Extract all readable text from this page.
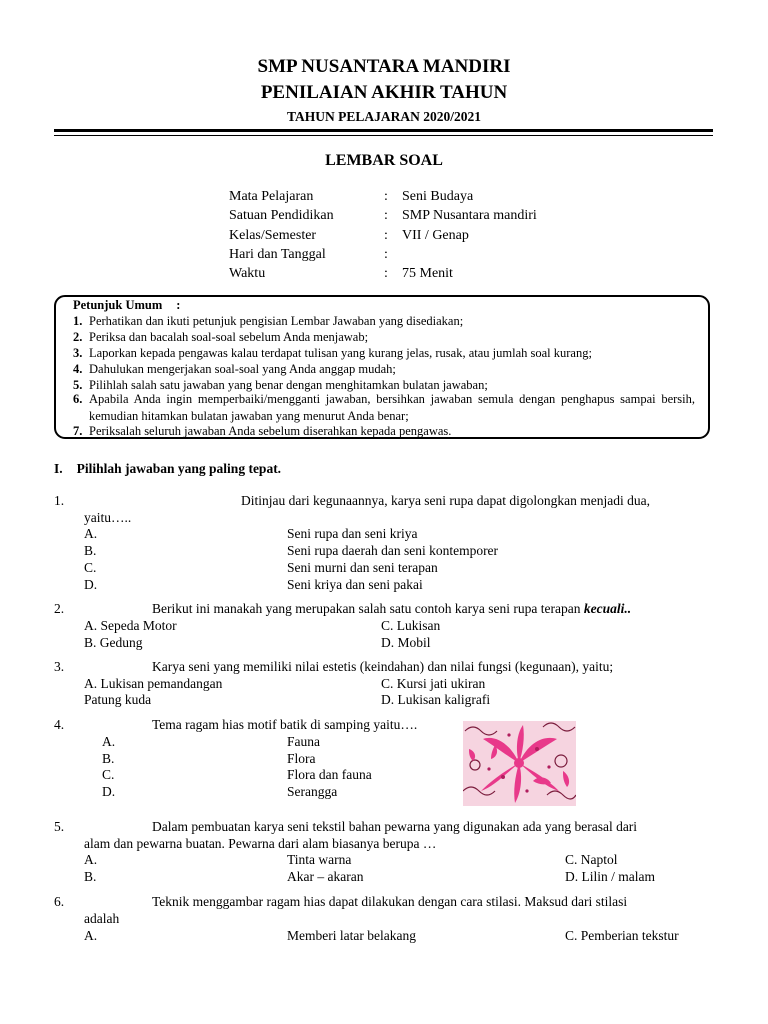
SMP NUSANTARA MANDIRI
PENILAIAN AKHIR TAHUN
TAHUN PELAJARAN 2020/2021
LEMBAR SOAL
Mata Pelajaran	: Seni Budaya
Satuan Pendidikan	: SMP Nusantara mandiri
Kelas/Semester	: VII / Genap
Hari dan Tanggal	:
Waktu	: 75 Menit
Petunjuk Umum :
1. Perhatikan dan ikuti petunjuk pengisian Lembar Jawaban yang disediakan;
2. Periksa dan bacalah soal-soal sebelum Anda menjawab;
3. Laporkan kepada pengawas kalau terdapat tulisan yang kurang jelas, rusak, atau jumlah soal kurang;
4. Dahulukan mengerjakan soal-soal yang Anda anggap mudah;
5. Pilihlah salah satu jawaban yang benar dengan menghitamkan bulatan jawaban;
6. Apabila Anda ingin memperbaiki/mengganti jawaban, bersihkan jawaban semula dengan penghapus sampai bersih, kemudian hitamkan bulatan jawaban yang menurut Anda benar;
7. Periksalah seluruh jawaban Anda sebelum diserahkan kepada pengawas.
I. Pilihlah jawaban yang paling tepat.
1.	Ditinjau dari kegunaannya, karya seni rupa dapat digolongkan menjadi dua,
yaitu…..
A.	Seni rupa dan seni kriya
B.	Seni rupa daerah dan seni kontemporer
C.	Seni murni dan seni terapan
D.	Seni kriya dan seni pakai
2.	Berikut ini manakah yang merupakan salah satu contoh karya seni rupa terapan kecuali..
A. Sepeda Motor	C. Lukisan
B. Gedung	D. Mobil
3.	Karya seni yang memiliki nilai estetis (keindahan) dan nilai fungsi (kegunaan), yaitu;
A. Lukisan pemandangan	C. Kursi jati ukiran
Patung kuda	D. Lukisan kaligrafi
4.	Tema ragam hias motif batik di samping yaitu….
A.	Fauna
B.	Flora
C.	Flora dan fauna
D.	Serangga
5.	Dalam pembuatan karya seni tekstil bahan pewarna yang digunakan ada yang berasal dari
alam dan pewarna buatan. Pewarna dari alam biasanya berupa …
A.	Tinta warna	C. Naptol
B.	Akar – akaran	D. Lilin / malam
6.	Teknik menggambar ragam hias dapat dilakukan dengan cara stilasi. Maksud dari stilasi
adalah
A.	Memberi latar belakang	C. Pemberian tekstur
